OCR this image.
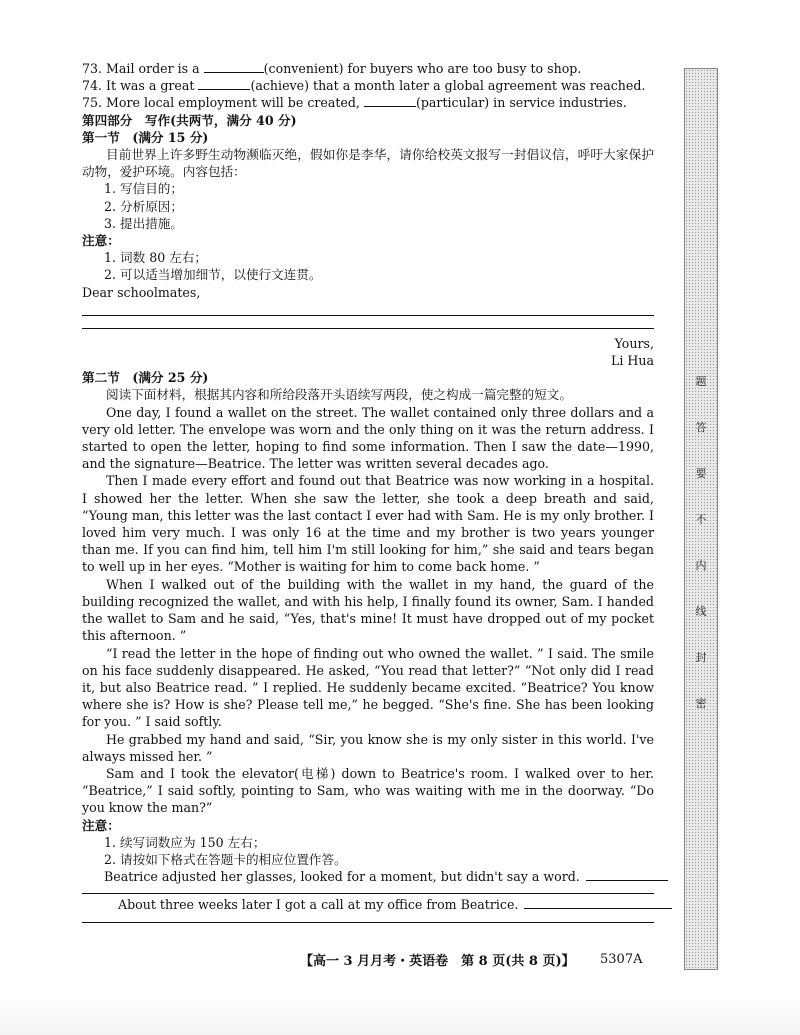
73. Mail order is a	(convenient) for buyers who are too busy to shop.
74. It was a great	(achieve) that a month later a global agreement was reached.
75. More local employment will be created,	(particular) in service industries.
第四部分　写作(共两节，满分 40 分)
第一节　(满分 15 分)

目前世界上许多野生动物濒临灭绝，假如你是李华，请你给校英文报写一封倡议信，呼吁大家保护动物，爱护环境。内容包括：

1. 写信目的；
2. 分析原因；
3. 提出措施。
注意：
1. 词数 80 左右；
2. 可以适当增加细节，以使行文连贯。
Dear schoolmates,
Yours,
Li Hua
第二节　(满分 25 分)

阅读下面材料，根据其内容和所给段落开头语续写两段，使之构成一篇完整的短文。

One day, I found a wallet on the street. The wallet contained only three dollars and a very old letter. The envelope was worn and the only thing on it was the return address. I started to open the letter, hoping to find some information. Then I saw the date—1990, and the signature—Beatrice. The letter was written several decades ago.

Then I made every effort and found out that Beatrice was now working in a hospital. I showed her the letter. When she saw the letter, she took a deep breath and said, “Young man, this letter was the last contact I ever had with Sam. He is my only brother. I loved him very much. I was only 16 at the time and my brother is two years younger than me. If you can find him, tell him I'm still looking for him,” she said and tears began to well up in her eyes. “Mother is waiting for him to come back home. ”

When I walked out of the building with the wallet in my hand, the guard of the building recognized the wallet, and with his help, I finally found its owner, Sam. I handed the wallet to Sam and he said, “Yes, that's mine! It must have dropped out of my pocket this afternoon. ”

“I read the letter in the hope of finding out who owned the wallet. ” I said. The smile on his face suddenly disappeared. He asked, “You read that letter?” “Not only did I read it, but also Beatrice read. ” I replied. He suddenly became excited. “Beatrice? You know where she is? How is she? Please tell me,” he begged. “She's fine. She has been looking for you. ” I said softly.

He grabbed my hand and said, “Sir, you know she is my only sister in this world. I've always missed her. ”

Sam and I took the elevator(电梯) down to Beatrice's room. I walked over to her. “Beatrice,” I said softly, pointing to Sam, who was waiting with me in the doorway. “Do you know the man?”

注意：
1. 续写词数应为 150 左右；
2. 请按如下格式在答题卡的相应位置作答。
Beatrice adjusted her glasses, looked for a moment, but didn't say a word.
About three weeks later I got a call at my office from Beatrice.
题
答
要
不
内
线
封
密
【高一 3 月月考・英语卷　第 8 页(共 8 页)】 5307A
